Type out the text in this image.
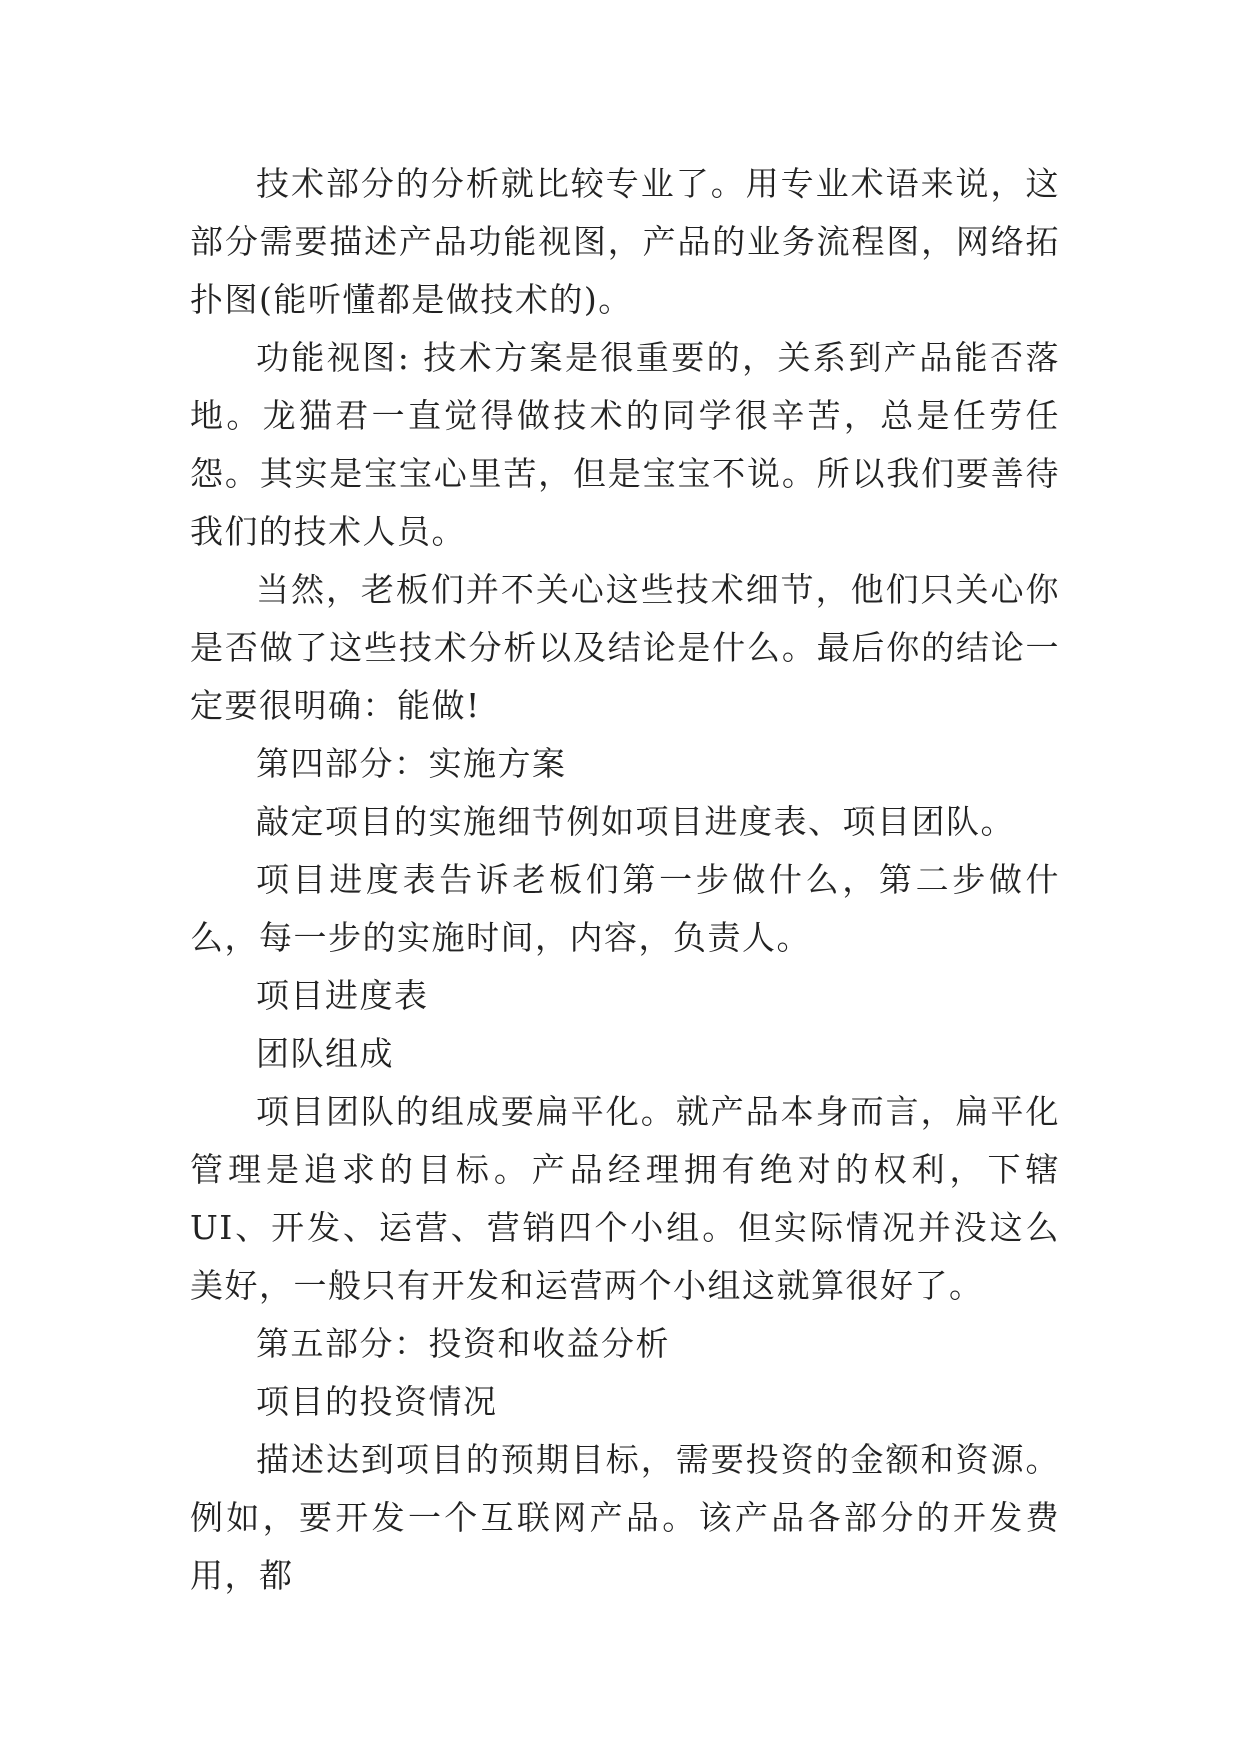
技术部分的分析就比较专业了。用专业术语来说，这部分需要描述产品功能视图，产品的业务流程图，网络拓扑图(能听懂都是做技术的)。

功能视图: 技术方案是很重要的，关系到产品能否落地。龙猫君一直觉得做技术的同学很辛苦，总是任劳任怨。其实是宝宝心里苦，但是宝宝不说。所以我们要善待我们的技术人员。

当然，老板们并不关心这些技术细节，他们只关心你是否做了这些技术分析以及结论是什么。最后你的结论一定要很明确：能做!

第四部分：实施方案

敲定项目的实施细节例如项目进度表、项目团队。

项目进度表告诉老板们第一步做什么，第二步做什么，每一步的实施时间，内容，负责人。

项目进度表

团队组成

项目团队的组成要扁平化。就产品本身而言，扁平化管理是追求的目标。产品经理拥有绝对的权利，下辖UI、开发、运营、营销四个小组。但实际情况并没这么美好，一般只有开发和运营两个小组这就算很好了。

第五部分：投资和收益分析

项目的投资情况

描述达到项目的预期目标，需要投资的金额和资源。例如，要开发一个互联网产品。该产品各部分的开发费用，都
